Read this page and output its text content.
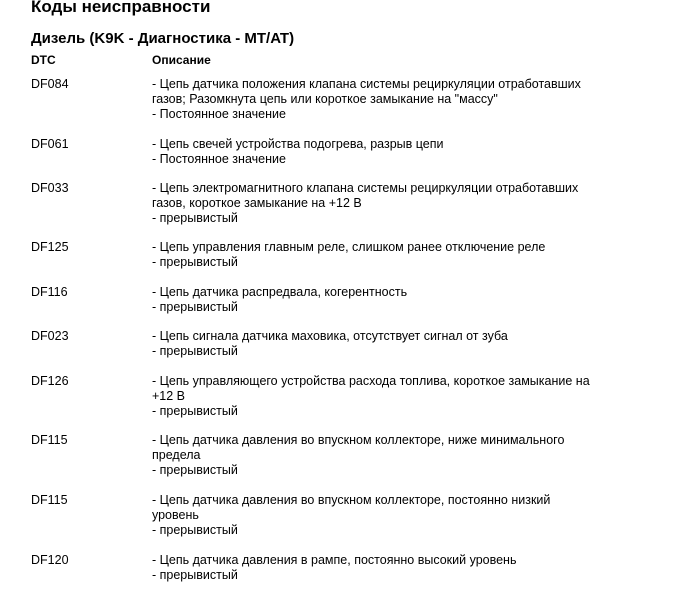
Коды неисправности
Дизель (K9K - Диагностика - MT/AT)
DTC	Описание
DF084	- Цепь датчика положения клапана системы рециркуляции отработавших
газов; Разомкнута цепь или короткое замыкание на "массу"
- Постоянное значение
DF061	- Цепь свечей устройства подогрева, разрыв цепи
- Постоянное значение
DF033	- Цепь электромагнитного клапана системы рециркуляции отработавших
газов, короткое замыкание на +12 В
- прерывистый
DF125	- Цепь управления главным реле, слишком ранее отключение реле
- прерывистый
DF116	- Цепь датчика распредвала, когерентность
- прерывистый
DF023	- Цепь сигнала датчика маховика, отсутствует сигнал от зуба
- прерывистый
DF126	- Цепь управляющего устройства расхода топлива, короткое замыкание на
+12 В
- прерывистый
DF115	- Цепь датчика давления во впускном коллекторе, ниже минимального
предела
- прерывистый
DF115	- Цепь датчика давления во впускном коллекторе, постоянно низкий
уровень
- прерывистый
DF120	- Цепь датчика давления в рампе, постоянно высокий уровень
- прерывистый
